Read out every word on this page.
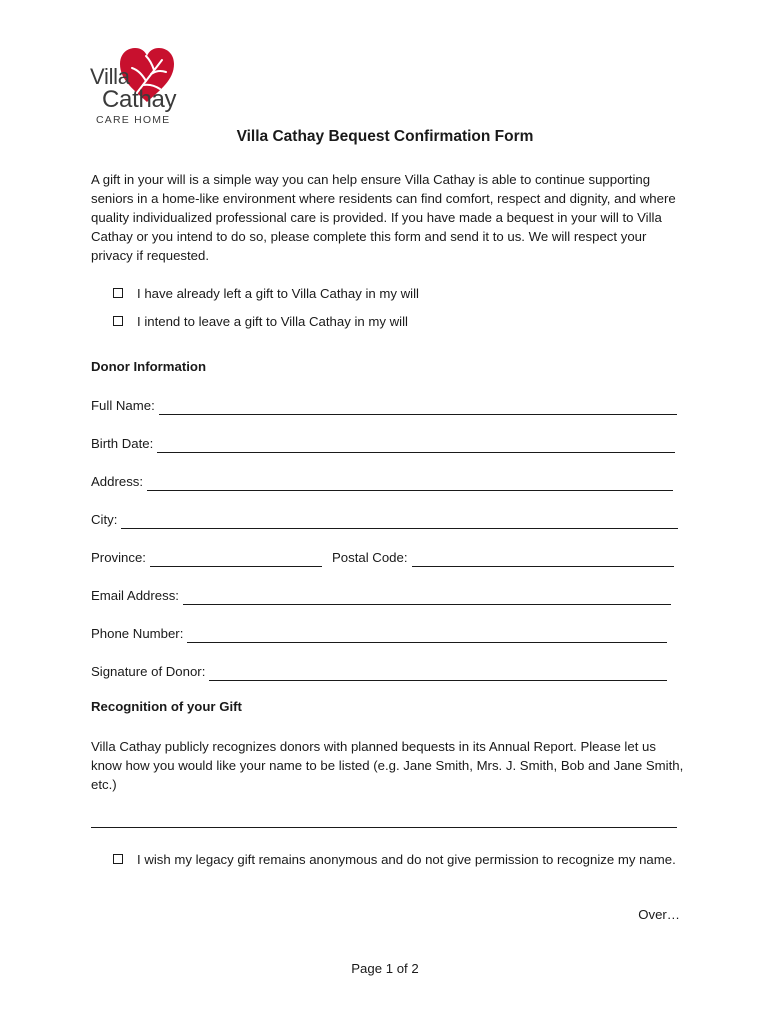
Villa
Cathay
CARE HOME
Villa Cathay Bequest Confirmation Form
A gift in your will is a simple way you can help ensure Villa Cathay is able to continue supporting seniors in a home-like environment where residents can find comfort, respect and dignity, and where quality individualized professional care is provided. If you have made a bequest in your will to Villa Cathay or you intend to do so, please complete this form and send it to us. We will respect your privacy if requested.
I have already left a gift to Villa Cathay in my will
I intend to leave a gift to Villa Cathay in my will
Donor Information
Full Name:
Birth Date:
Address:
City:
Province:	Postal Code:
Email Address:
Phone Number:
Signature of Donor:
Recognition of your Gift
Villa Cathay publicly recognizes donors with planned bequests in its Annual Report. Please let us know how you would like your name to be listed (e.g. Jane Smith, Mrs. J. Smith, Bob and Jane Smith, etc.)
I wish my legacy gift remains anonymous and do not give permission to recognize my name.
Over…
Page 1 of 2
